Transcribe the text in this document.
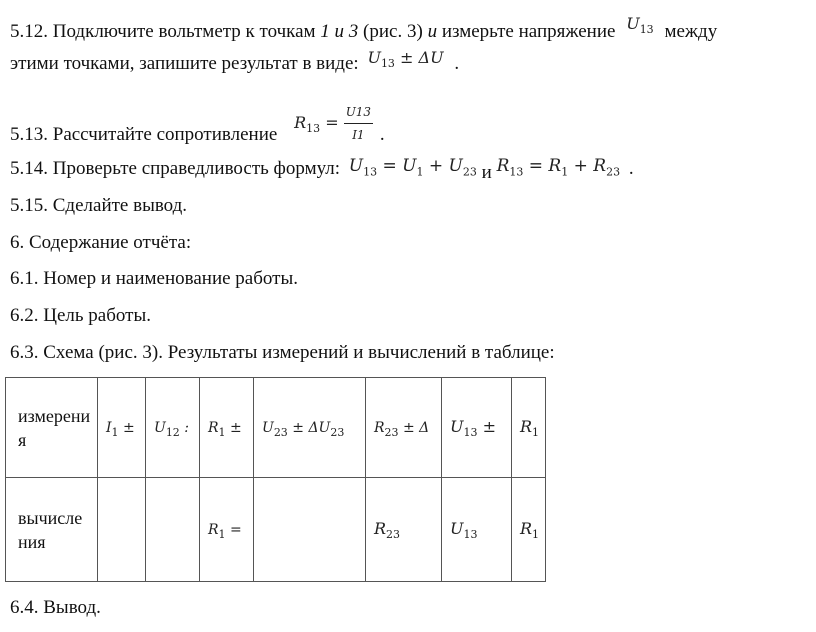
5.12. Подключите вольтметр к точкам 1 и 3 (рис. 3) и измерьте напряжение $^{U_{13}}$ между
этими точками, запишите результат в виде: $^{U_{13} \pm \Delta U}$ .
5.13. Рассчитайте сопротивление $^{R_{13} = \frac{U13}{I1}}$ .
5.14. Проверьте справедливость формул: $U_{13} = U_1 + U_{23}$ и $R_{13} = R_1 + R_{23}$ .
5.15. Сделайте вывод.
6. Содержание отчёта:
6.1. Номер и наименование работы.
6.2. Цель работы.
6.3. Схема (рис. 3). Результаты измерений и вычислений в таблице:
измерения	$I_1$ ±	$U_{12}$ :	$R_1$ ±	$U_{23} \pm \Delta U_{23}$	$R_{23} \pm \Delta$	$U_{13}$ ±	$R_1$
вычисления			$R_1$ =		$R_{23}$	$U_{13}$	$R_1$
6.4. Вывод.
